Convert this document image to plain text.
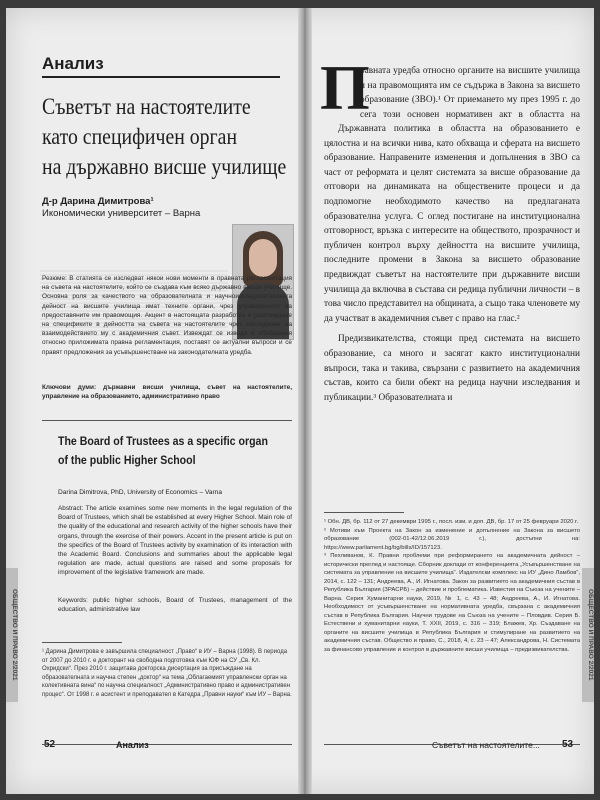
Анализ
Съветът на настоятелите
като специфичен орган
на държавно висше училище
Д-р Дарина Димитрова¹
Икономически университет – Варна
Резюме: В статията се изследват някои нови моменти в правната регламентация на съвета на настоятелите, който се създава към всяко държавно висше училище. Основна роля за качеството на образователната и научноизследователската дейност на висшите училища имат техните органи, чрез управлението на предоставяните им правомощия. Акцент в настоящата разработка е разглеждане на спецификите в дейността на съвета на настоятелите чрез изследване на взаимодействието му с академичния съвет. Извеждат се изводи и обобщения относно приложимата правна регламентация, поставят се актуални въпроси и се правят предложения за усъвършенстване на законодателната уредба.
Ключови думи: държавни висши училища, съвет на настоятелите, управление на образованието, административно право
The Board of Trustees as a specific organ
of the public Higher School
Darina Dimitrova, PhD, University of Economics – Varna
Abstract: The article examines some new moments in the legal regulation of the Board of Trustees, which shall be established at every Higher School. Main role of the quality of the educational and research activity of the higher schools have their organs, through the exercise of their powers. Accent in the present article is put on the specifics of the Board of Trustees activity by examination of its interaction with the Academic Board. Conclusions and summaries about the applicable legal regulation are made, actual questions are raised and some proposals for improvement of the legislative framework are made.
Keywords: public higher schools, Board of Trustees, management of the education, administrative law
¹ Дарина Димитрова е завършила специалност „Право“ в ИУ – Варна (1998). В периода от 2007 до 2010 г. е докторант на свободна подготовка към ЮФ на СУ „Св. Кл. Охридски“. През 2010 г. защитава докторска дисертация за присъждане на образователната и научна степен „доктор“ на тема „Облагаемият управленски орган на колективната вина“ по научна специалност „Административно право и административен процес“. От 1998 г. е асистент и преподавател в Катедра „Правни науки“ към ИУ – Варна.
52	Анализ
ОБЩЕСТВО И ПРАВО 2/2021
П
равната уредба относно органите на висшите училища и на правомощията им се съдържа в Закона за висшето образование (ЗВО).¹ От приемането му през 1995 г. до сега този основен нормативен акт в областта на

Държавната политика в областта на образованието е цялостна и на всички нива, като обхваща и сферата на висшето образование. Направените изменения и допълнения в ЗВО са част от реформата и целят системата за висше образование да отговори на динамиката на обществените процеси и да подпомогне необходимото качество на предлаганата образователна услуга. С оглед постигане на институционална отговорност, връзка с интересите на обществото, прозрачност и публичен контрол върху дейността на висшите училища, последните промени в Закона за висшето образование предвиждат съветът на настоятелите при държавните висши училища да включва в състава си редица публични личности – в това число представител на общината, а също така членовете му да участват в академичния съвет с право на глас.²

Предизвикателства, стоящи пред системата на висшето образование, са много и засягат както институционални въпроси, така и такива, свързани с развитието на академичния състав, които са били обект на редица научни изследвания и публикации.³ Образователната и

¹ Обн. ДВ, бр. 112 от 27 декември 1995 г., посл. изм. и доп. ДВ, бр. 17 от 25 февруари 2020 г.

² Мотиви към Проекта на Закон за изменение и допълнение на Закона за висшето образование (002-01-42/12.06.2019 г.), достъпни на: https://www.parliament.bg/bg/bills/ID/157123.

³ Пехливанов, К. Правни проблеми при реформирането на академичната дейност – исторически преглед и настояще. Сборник доклади от конференцията „Усъвършенстване на системата за управление на висшите училища“. Издателски комплекс на ИУ „Дино Ламбов“, 2014, с. 122 – 131; Андреева, А., И. Игнатова. Закон за развитието на академичния състав в Република България (ЗРАСРБ) – действие и проблематика. Известия на Съюза на учените – Варна. Серия Хуманитарни науки, 2019, № 1, с. 43 – 48; Андреева, А., И. Игнатова. Необходимост от усъвършенстване на нормативната уредба, свързана с академичния състав в Република България. Научни трудове на Съюза на учените – Пловдив. Серия Б. Естествени и хуманитарни науки, Т. XXII, 2019, с. 316 – 319; Блажев, Хр. Създаване на органите на висшите училища в Република България и стимулиране на развитието на академичния състав. Общество и право, С., 2018, 4, с. 23 – 47; Александрова, Н. Системата за финансово управление и контрол в държавните висши училища – предизвикателства.

Съветът на настоятелите... 53
ОБЩЕСТВО И ПРАВО 2/2021
